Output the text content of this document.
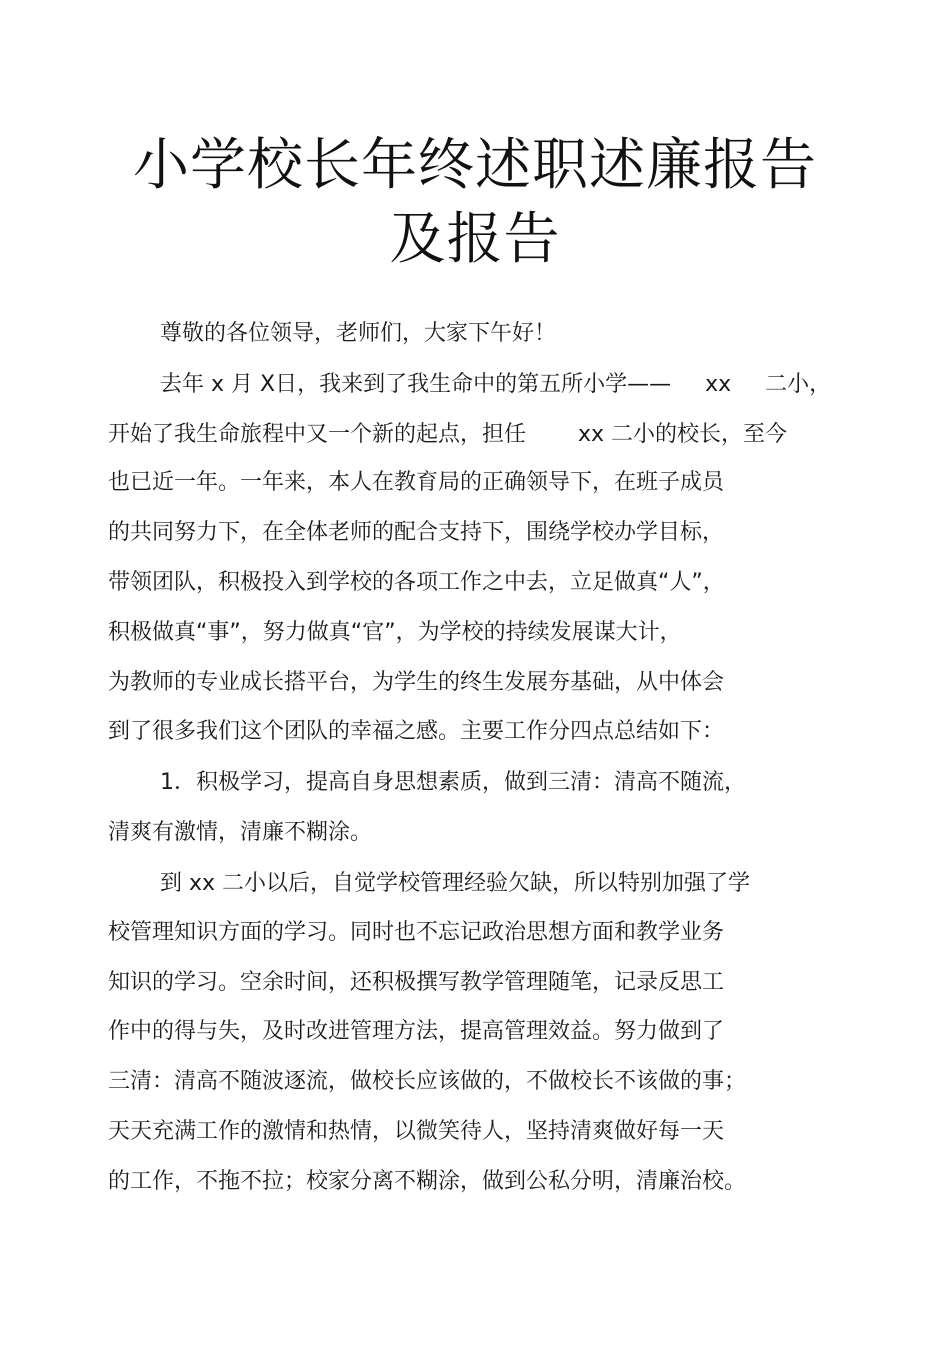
小学校长年终述职述廉报告
及报告

尊敬的各位领导，老师们，大家下午好！

去年 x 月 X日，我来到了我生命中的第五所小学—— xx 二小，

开始了我生命旅程中又一个新的起点，担任 xx 二小的校长，至今

也已近一年。一年来，本人在教育局的正确领导下，在班子成员

的共同努力下，在全体老师的配合支持下，围绕学校办学目标，

带领团队，积极投入到学校的各项工作之中去，立足做真“人”，

积极做真“事”，努力做真“官”，为学校的持续发展谋大计，

为教师的专业成长搭平台，为学生的终生发展夯基础，从中体会

到了很多我们这个团队的幸福之感。主要工作分四点总结如下：

1．积极学习，提高自身思想素质，做到三清：清高不随流，

清爽有激情，清廉不糊涂。

到 xx 二小以后，自觉学校管理经验欠缺，所以特别加强了学

校管理知识方面的学习。同时也不忘记政治思想方面和教学业务

知识的学习。空余时间，还积极撰写教学管理随笔，记录反思工

作中的得与失，及时改进管理方法，提高管理效益。努力做到了

三清：清高不随波逐流，做校长应该做的，不做校长不该做的事；

天天充满工作的激情和热情，以微笑待人，坚持清爽做好每一天

的工作，不拖不拉；校家分离不糊涂，做到公私分明，清廉治校。
